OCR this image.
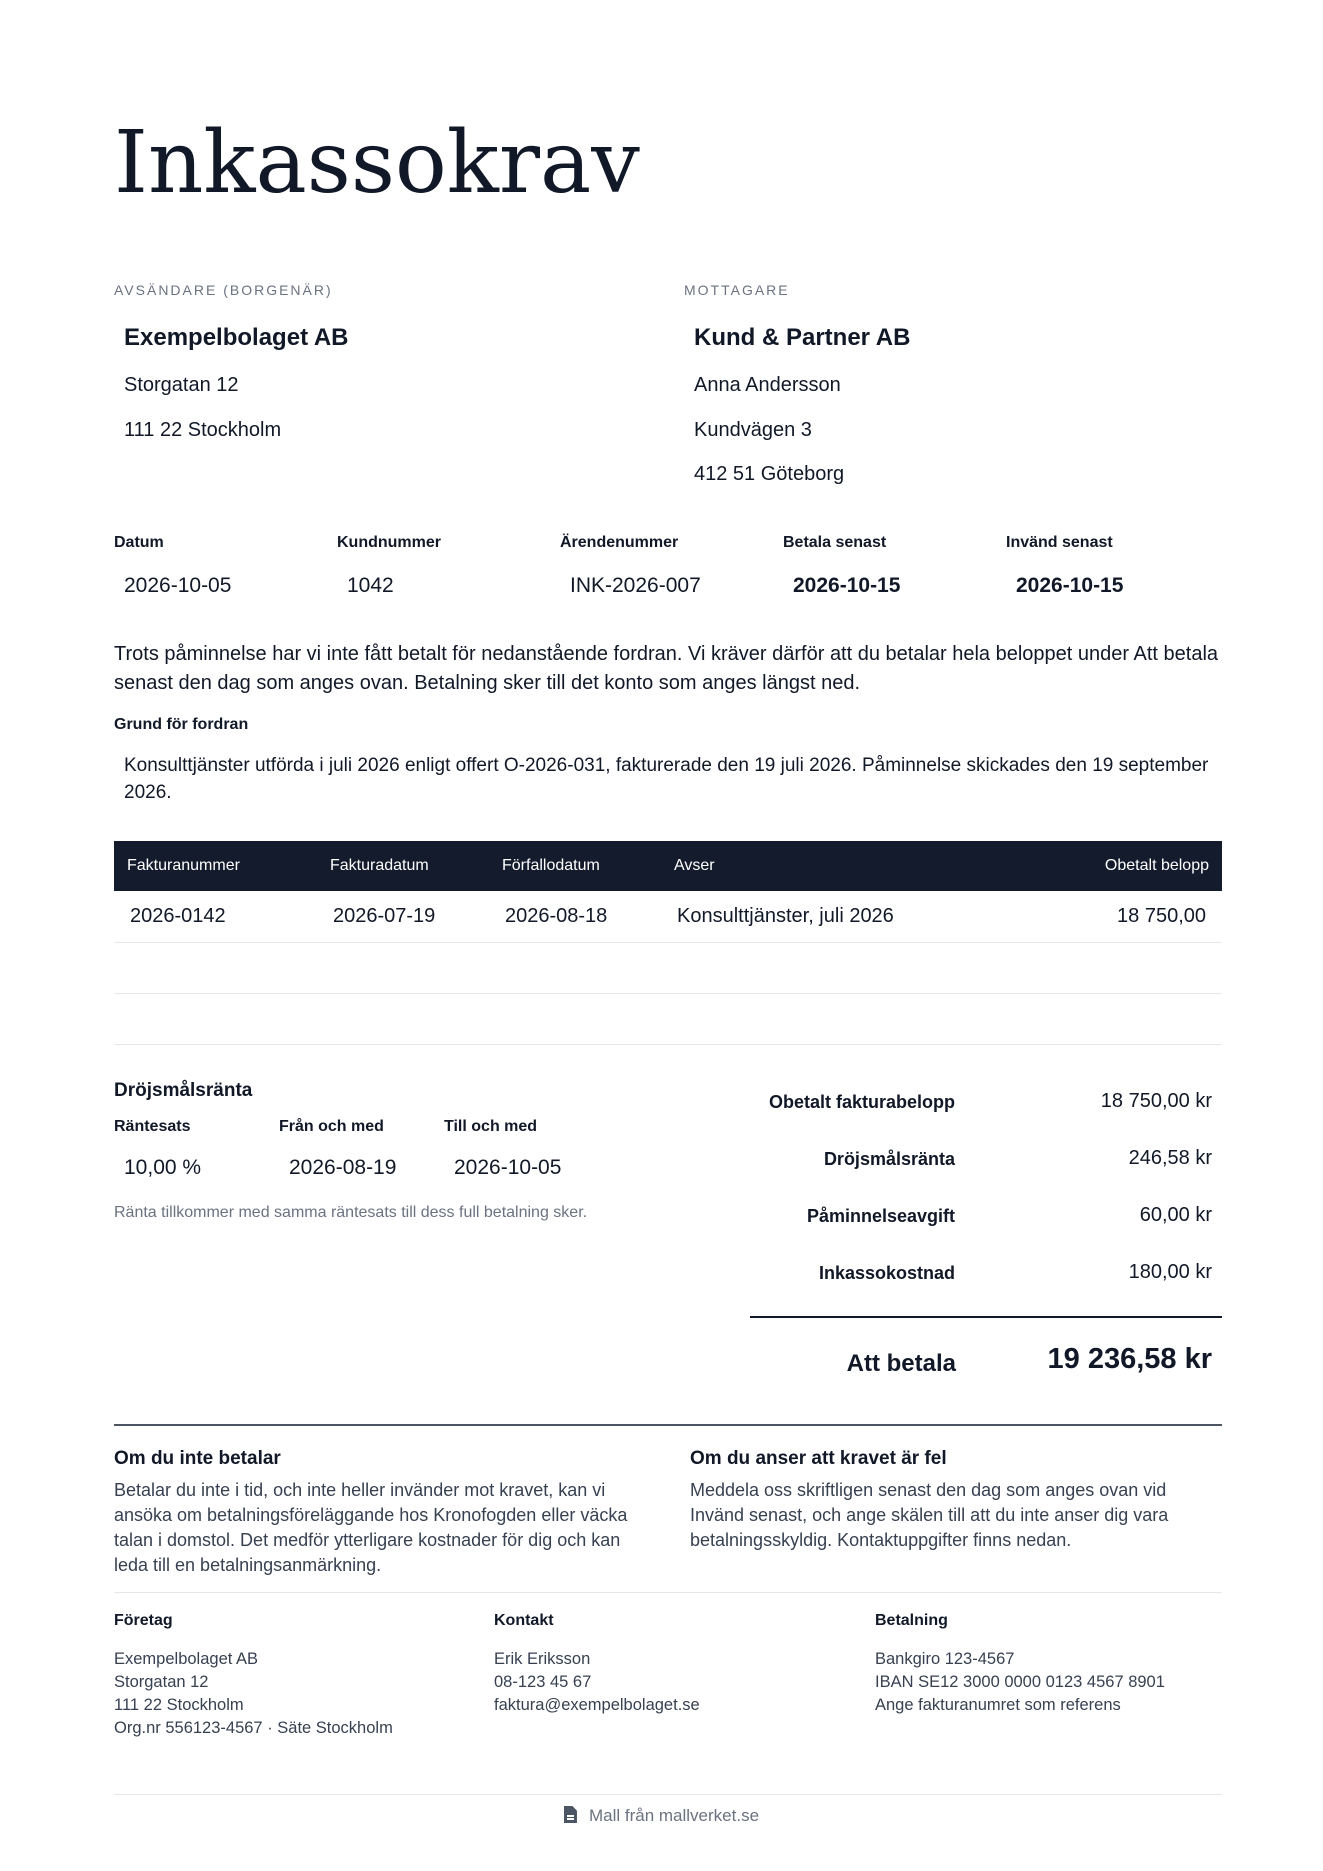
Inkassokrav
AVSÄNDARE (BORGENÄR)
Exempelbolaget AB
Storgatan 12
111 22 Stockholm
MOTTAGARE
Kund & Partner AB
Anna Andersson
Kundvägen 3
412 51 Göteborg
Datum
2026-10-05
Kundnummer
1042
Ärendenummer
INK-2026-007
Betala senast
2026-10-15
Invänd senast
2026-10-15
Trots påminnelse har vi inte fått betalt för nedanstående fordran. Vi kräver därför att du betalar hela beloppet under Att betala senast den dag som anges ovan. Betalning sker till det konto som anges längst ned.
Grund för fordran
Konsulttjänster utförda i juli 2026 enligt offert O-2026-031, fakturerade den 19 juli 2026. Påminnelse skickades den 19 september 2026.
Fakturanummer	Fakturadatum	Förfallodatum	Avser	Obetalt belopp
2026-0142	2026-07-19	2026-08-18	Konsulttjänster, juli 2026	18 750,00
Dröjsmålsränta
Räntesats
10,00 %
Från och med
2026-08-19
Till och med
2026-10-05
Ränta tillkommer med samma räntesats till dess full betalning sker.
Obetalt fakturabelopp	18 750,00 kr
Dröjsmålsränta	246,58 kr
Påminnelseavgift	60,00 kr
Inkassokostnad	180,00 kr
Att betala	19 236,58 kr
Om du inte betalar
Betalar du inte i tid, och inte heller invänder mot kravet, kan vi ansöka om betalningsföreläggande hos Kronofogden eller väcka talan i domstol. Det medför ytterligare kostnader för dig och kan leda till en betalningsanmärkning.
Om du anser att kravet är fel
Meddela oss skriftligen senast den dag som anges ovan vid Invänd senast, och ange skälen till att du inte anser dig vara betalningsskyldig. Kontaktuppgifter finns nedan.
Företag
Exempelbolaget AB
Storgatan 12
111 22 Stockholm
Org.nr 556123-4567 · Säte Stockholm
Kontakt
Erik Eriksson
08-123 45 67
faktura@exempelbolaget.se
Betalning
Bankgiro 123-4567
IBAN SE12 3000 0000 0123 4567 8901
Ange fakturanumret som referens
Mall från mallverket.se
